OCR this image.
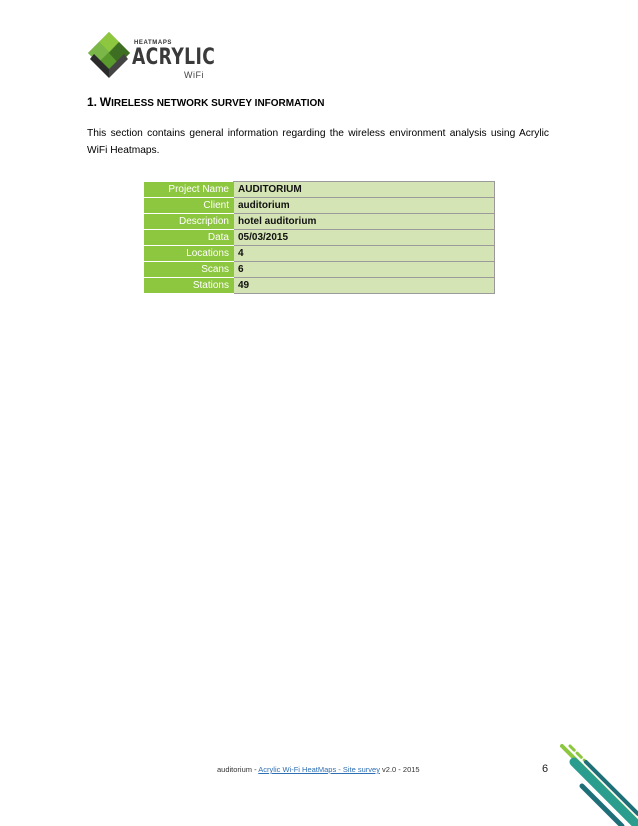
HEATMAPS
ACRYLIC
WiFi
1. WIRELESS NETWORK SURVEY INFORMATION

This section contains general information regarding the wireless environment analysis using Acrylic WiFi Heatmaps.

Project Name	AUDITORIUM
Client	auditorium
Description	hotel auditorium
Data	05/03/2015
Locations	4
Scans	6
Stations	49
auditorium - Acrylic Wi-Fi HeatMaps - Site survey v2.0 - 2015	6
